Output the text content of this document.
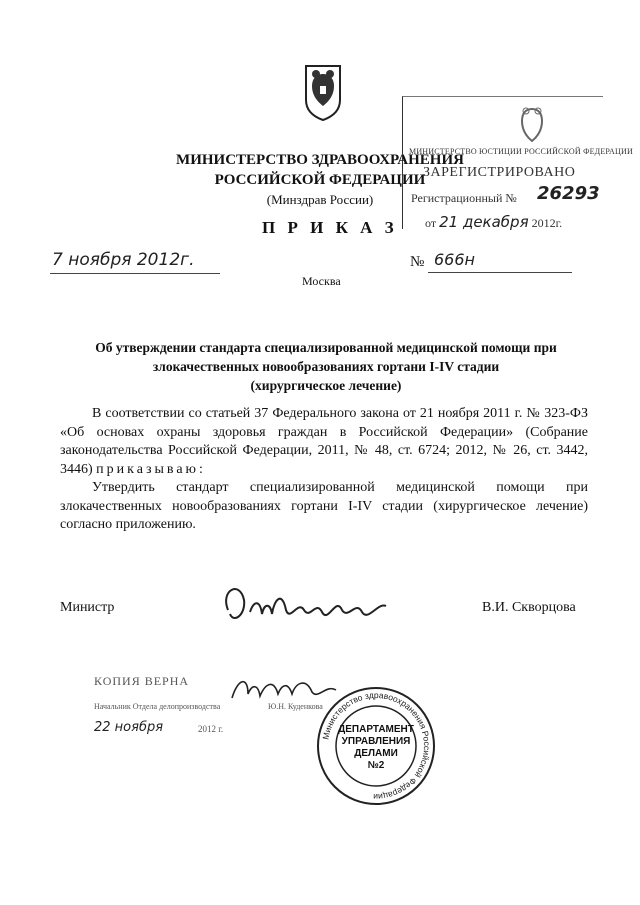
МИНИСТЕРСТВО ЗДРАВООХРАНЕНИЯ
РОССИЙСКОЙ ФЕДЕРАЦИИ
(Минздрав России)
МИНИСТЕРСТВО ЮСТИЦИИ РОССИЙСКОЙ ФЕДЕРАЦИИ
ЗАРЕГИСТРИРОВАНО
Регистрационный № 26293
от 21 декабря 2012г.
П Р И К А З
7 ноября 2012г.	№ 666н
Москва
Об утверждении стандарта специализированной медицинской помощи при
злокачественных новообразованиях гортани I-IV стадии
(хирургическое лечение)

В соответствии со статьей 37 Федерального закона от 21 ноября 2011 г. № 323-ФЗ «Об основах охраны здоровья граждан в Российской Федерации» (Собрание законодательства Российской Федерации, 2011, № 48, ст. 6724; 2012, № 26, ст. 3442, 3446) приказываю:

Утвердить стандарт специализированной медицинской помощи при злокачественных новообразованиях гортани I-IV стадии (хирургическое лечение) согласно приложению.

Министр	В.И. Скворцова
КОПИЯ ВЕРНА
Начальник Отдела делопроизводства	Ю.Н. Куденкова
22 ноября	2012 г.
Министерство здравоохранения Российской Федерации
ДЕПАРТАМЕНТ
УПРАВЛЕНИЯ
ДЕЛАМИ
№2
